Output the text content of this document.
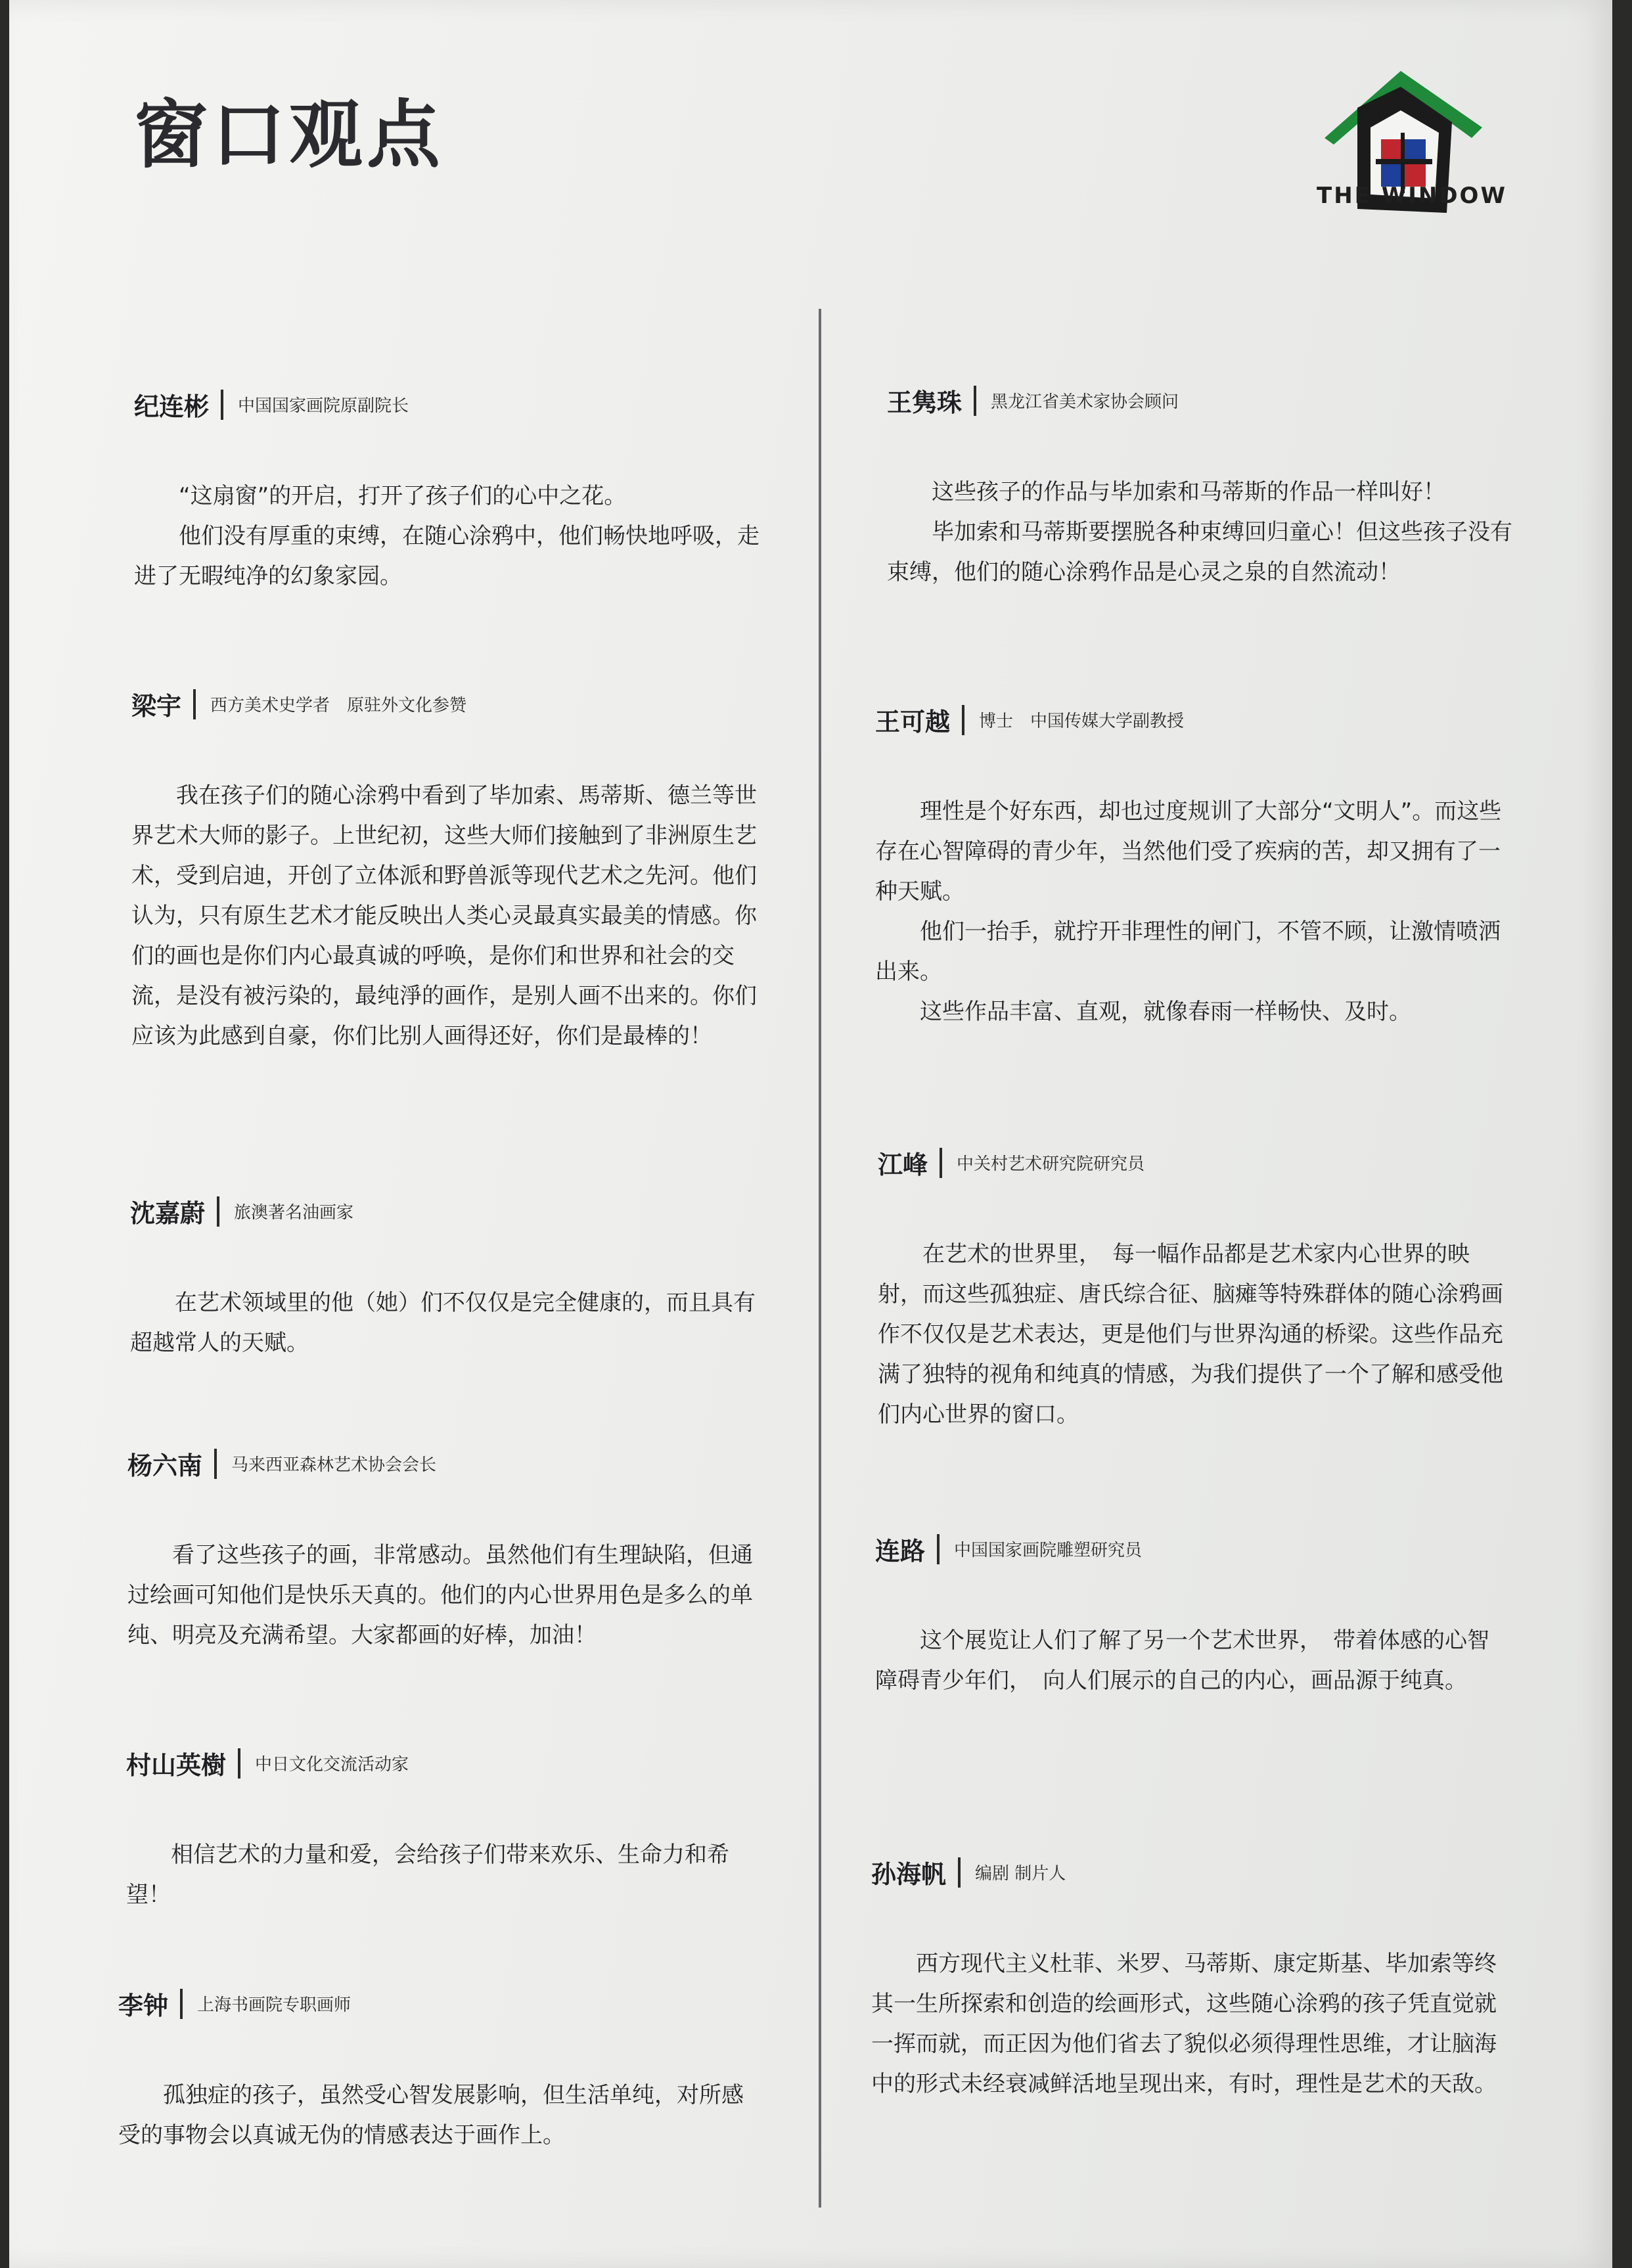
窗口观点
THE WINDOW
纪连彬 中国国家画院原副院长

“这扇窗”的开启，打开了孩子们的心中之花。

他们没有厚重的束缚，在随心涂鸦中，他们畅快地呼吸，走进了无暇纯净的幻象家园。

梁宇 西方美术史学者　原驻外文化参赞

我在孩子们的随心涂鸦中看到了毕加索、馬蒂斯、德兰等世界艺术大师的影子。上世纪初，这些大师们接触到了非洲原生艺术，受到启迪，开创了立体派和野兽派等现代艺术之先河。他们认为，只有原生艺术才能反映出人类心灵最真实最美的情感。你们的画也是你们内心最真诚的呼唤，是你们和世界和社会的交流，是没有被污染的，最纯淨的画作，是别人画不出来的。你们应该为此感到自豪，你们比别人画得还好，你们是最棒的！

沈嘉蔚 旅澳著名油画家

在艺术领域里的他（她）们不仅仅是完全健康的，而且具有超越常人的天赋。

杨六南 马来西亚森林艺术协会会长

看了这些孩子的画，非常感动。虽然他们有生理缺陷，但通过绘画可知他们是快乐天真的。他们的内心世界用色是多么的单纯、明亮及充满希望。大家都画的好棒，加油！

村山英樹 中日文化交流活动家

相信艺术的力量和爱，会给孩子们带来欢乐、生命力和希望！

李钟 上海书画院专职画师

孤独症的孩子，虽然受心智发展影响，但生活单纯，对所感受的事物会以真诚无伪的情感表达于画作上。

王隽珠 黑龙江省美术家协会顾问

这些孩子的作品与毕加索和马蒂斯的作品一样叫好！

毕加索和马蒂斯要摆脱各种束缚回归童心！但这些孩子没有束缚，他们的随心涂鸦作品是心灵之泉的自然流动！

王可越 博士　中国传媒大学副教授

理性是个好东西，却也过度规训了大部分“文明人”。而这些存在心智障碍的青少年，当然他们受了疾病的苦，却又拥有了一种天赋。

他们一抬手，就拧开非理性的闸门，不管不顾，让激情喷洒出来。

这些作品丰富、直观，就像春雨一样畅快、及时。

江峰 中关村艺术研究院研究员

在艺术的世界里，　每一幅作品都是艺术家内心世界的映射，而这些孤独症、唐氏综合征、脑瘫等特殊群体的随心涂鸦画作不仅仅是艺术表达，更是他们与世界沟通的桥梁。这些作品充满了独特的视角和纯真的情感，为我们提供了一个了解和感受他们内心世界的窗口。

连路 中国国家画院雕塑研究员

这个展览让人们了解了另一个艺术世界，　带着体感的心智障碍青少年们，　向人们展示的自己的内心，画品源于纯真。

孙海帆 编剧 制片人

西方现代主义杜菲、米罗、马蒂斯、康定斯基、毕加索等终其一生所探索和创造的绘画形式，这些随心涂鸦的孩子凭直觉就一挥而就，而正因为他们省去了貌似必须得理性思维，才让脑海中的形式未经衰减鲜活地呈现出来，有时，理性是艺术的天敌。
